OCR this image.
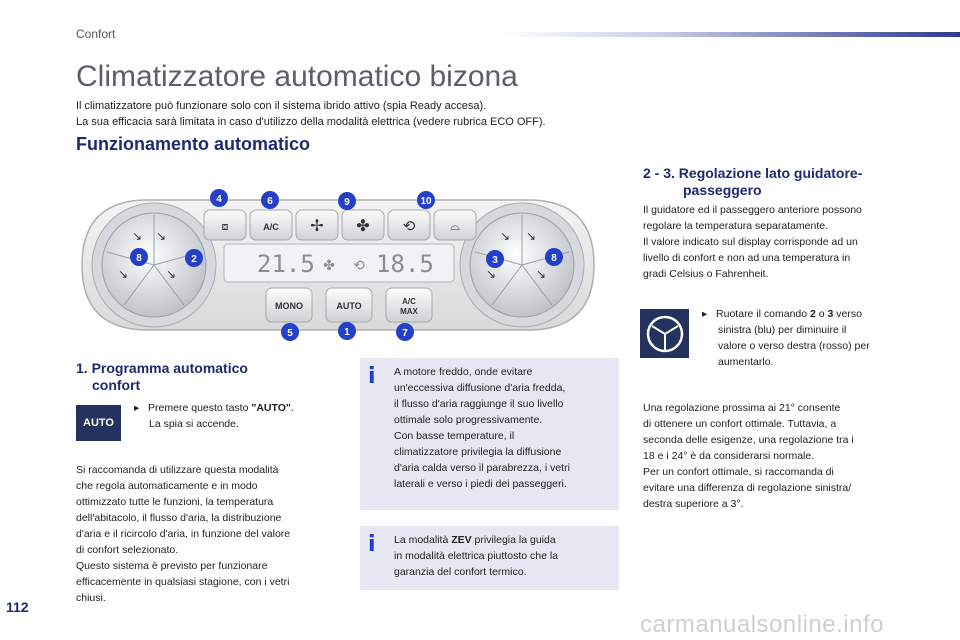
Confort
Climatizzatore automatico bizona
Il climatizzatore può funzionare solo con il sistema ibrido attivo (spia Ready accesa).
La sua efficacia sarà limitata in caso d'utilizzo della modalità elettrica (vedere rubrica ECO OFF).
Funzionamento automatico
↘ ↘
↘	↘
↘ ↘
↘	↘
⧈	A/C ✢ ✤ ⟲	⌓
21.5 ✤ ⟲ 18.5
MONO	AUTO	A/C
MAX
4	6	9	10
8	2	3	8
5	1	7
1. Programma automatico
confort
AUTO
▸ Premere questo tasto "AUTO".
La spia si accende.
Si raccomanda di utilizzare questa modalità
che regola automaticamente e in modo
ottimizzato tutte le funzioni, la temperatura
dell'abitacolo, il flusso d'aria, la distribuzione
d'aria e il ricircolo d'aria, in funzione del valore
di confort selezionato.
Questo sistema è previsto per funzionare
efficacemente in qualsiasi stagione, con i vetri
chiusi.
i A motore freddo, onde evitare
un'eccessiva diffusione d'aria fredda,
il flusso d'aria raggiunge il suo livello
ottimale solo progressivamente.
Con basse temperature, il
climatizzatore privilegia la diffusione
d'aria calda verso il parabrezza, i vetri
laterali e verso i piedi dei passeggeri.
i La modalità ZEV privilegia la guida
in modalità elettrica piuttosto che la
garanzia del confort termico.
2 - 3. Regolazione lato guidatore-
passeggero
Il guidatore ed il passeggero anteriore possono
regolare la temperatura separatamente.
Il valore indicato sul display corrisponde ad un
livello di confort e non ad una temperatura in
gradi Celsius o Fahrenheit.
▸ Ruotare il comando 2 o 3 verso
sinistra (blu) per diminuire il
valore o verso destra (rosso) per
aumentarlo.
Una regolazione prossima ai 21° consente
di ottenere un confort ottimale. Tuttavia, a
seconda delle esigenze, una regolazione tra i
18 e i 24° è da considerarsi normale.
Per un confort ottimale, si raccomanda di
evitare una differenza di regolazione sinistra/
destra superiore a 3°.
112
carmanualsonline.info
